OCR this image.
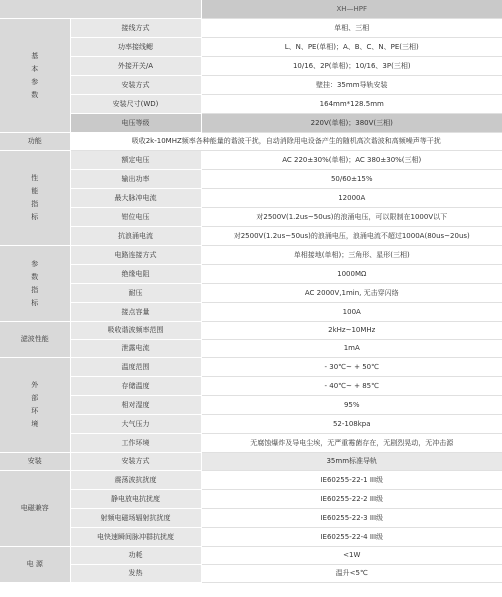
		XH—HPF

基
本
参
数	接线方式	单相、三相
	功率接线鳃	L、N、PE(单相)；A、B、C、N、PE(三相)
	外接开关/A	10/16、2P(单相)；10/16、3P(三相)
	安装方式	壁挂：35mm导轨安装
	安装尺寸(WD)	164mm*128.5mm
	电压等级	220V(单相)；380V(三相)
功能	吸收2k-10MHZ频率各种能量的谐波干扰，自动消除用电设备产生的随机高次谐波和高频噪声等干扰	

性
能
指
标	额定电压	AC 220±30%(单相)；AC 380±30%(三相)
	输出功率	50/60±15%
	最大脉冲电流	12000A
	钳位电压	对2500V(1.2us~50us)的浪涌电压，可以限制在1000V以下
	抗浪涌电流	对2500V(1.2us~50us)的浪涌电压，浪涌电流不超过1000A(80us~20us)

参
数
指
标	电路连接方式	单相接地(单相)；三角形、星形(三相)
	绝缘电阻	1000MΩ
	耐压	AC 2000V,1min, 无击穿闪络
	接点容量	100A
滤波性能	吸收谐波频率范围	2kHz~10MHz
	泄露电流	1mA

外
部
环
境	温度范围	- 30℃~ + 50℃
	存储温度	- 40℃~ + 85℃
	相对湿度	95%
	大气压力	52-108kpa
	工作环境	无腐蚀爆炸及导电尘埃，无严重霉菌存在，无剧烈晃动，无冲击源
安装	安装方式	35mm标准导轨
电磁兼容	震荡波抗扰度	IE60255-22-1 III级
	静电放电抗扰度	IE60255-22-2 III级
	射频电磁场辐射抗扰度	IE60255-22-3 III级
	电快速瞬间脉冲群抗扰度	IE60255-22-4 III级
电 源	功耗	<1W
	发热	温升<5℃
